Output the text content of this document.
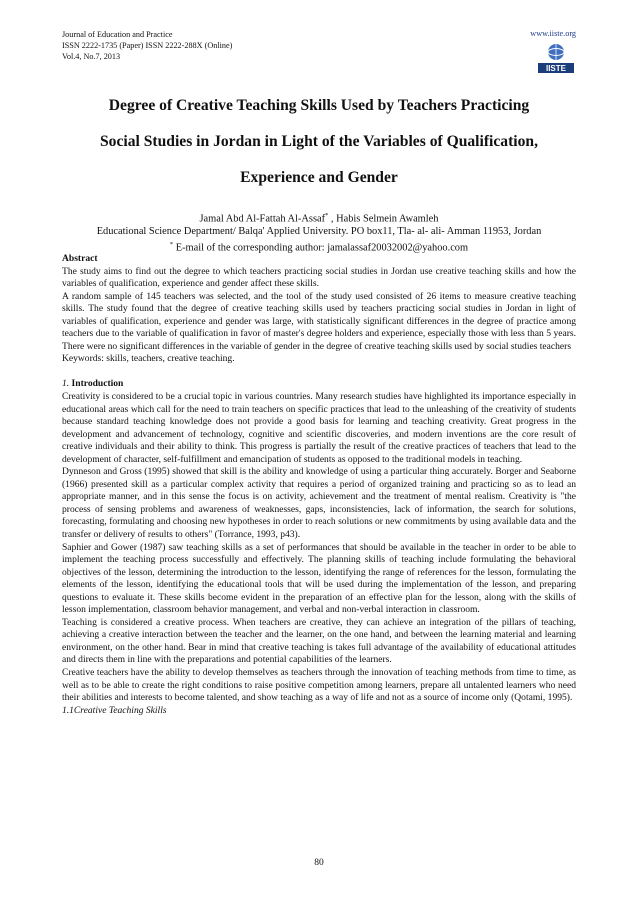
Journal of Education and Practice
ISSN 2222-1735 (Paper) ISSN 2222-288X (Online)
Vol.4, No.7, 2013
www.iiste.org
IISTE
Degree of Creative Teaching Skills Used by Teachers Practicing
Social Studies in Jordan in Light of the Variables of Qualification,
Experience and Gender
Jamal Abd Al-Fattah Al-Assaf* , Habis Selmein Awamleh
Educational Science Department/ Balqa' Applied University. PO box11, Tla- al- ali- Amman 11953, Jordan
* E-mail of the corresponding author: jamalassaf20032002@yahoo.com

Abstract

The study aims to find out the degree to which teachers practicing social studies in Jordan use creative teaching skills and how the variables of qualification, experience and gender affect these skills.

A random sample of 145 teachers was selected, and the tool of the study used consisted of 26 items to measure creative teaching skills. The study found that the degree of creative teaching skills used by teachers practicing social studies in Jordan in light of variables of qualification, experience and gender was large, with statistically significant differences in the degree of practice among teachers due to the variable of qualification in favor of master's degree holders and experience, especially those with less than 5 years. There were no significant differences in the variable of gender in the degree of creative teaching skills used by social studies teachers

Keywords: skills, teachers, creative teaching.

1. Introduction

Creativity is considered to be a crucial topic in various countries. Many research studies have highlighted its importance especially in educational areas which call for the need to train teachers on specific practices that lead to the unleashing of the creativity of students because standard teaching knowledge does not provide a good basis for learning and teaching creativity. Great progress in the development and advancement of technology, cognitive and scientific discoveries, and modern inventions are the core result of creative individuals and their ability to think. This progress is partially the result of the creative practices of teachers that lead to the development of character, self-fulfillment and emancipation of students as opposed to the traditional models in teaching.

Dynneson and Gross (1995) showed that skill is the ability and knowledge of using a particular thing accurately. Borger and Seaborne (1966) presented skill as a particular complex activity that requires a period of organized training and practicing so as to lead an appropriate manner, and in this sense the focus is on activity, achievement and the treatment of mental realism. Creativity is "the process of sensing problems and awareness of weaknesses, gaps, inconsistencies, lack of information, the search for solutions, forecasting, formulating and choosing new hypotheses in order to reach solutions or new commitments by using available data and the transfer or delivery of results to others" (Torrance, 1993, p43).

Saphier and Gower (1987) saw teaching skills as a set of performances that should be available in the teacher in order to be able to implement the teaching process successfully and effectively. The planning skills of teaching include formulating the behavioral objectives of the lesson, determining the introduction to the lesson, identifying the range of references for the lesson, formulating the elements of the lesson, identifying the educational tools that will be used during the implementation of the lesson, and preparing questions to evaluate it. These skills become evident in the preparation of an effective plan for the lesson, along with the skills of lesson implementation, classroom behavior management, and verbal and non-verbal interaction in classroom.

Teaching is considered a creative process. When teachers are creative, they can achieve an integration of the pillars of teaching, achieving a creative interaction between the teacher and the learner, on the one hand, and between the learning material and learning environment, on the other hand. Bear in mind that creative teaching is takes full advantage of the availability of educational attitudes and directs them in line with the preparations and potential capabilities of the learners.

Creative teachers have the ability to develop themselves as teachers through the innovation of teaching methods from time to time, as well as to be able to create the right conditions to raise positive competition among learners, prepare all untalented learners who need their abilities and interests to become talented, and show teaching as a way of life and not as a source of income only (Qotami, 1995).

1.1Creative Teaching Skills

80
